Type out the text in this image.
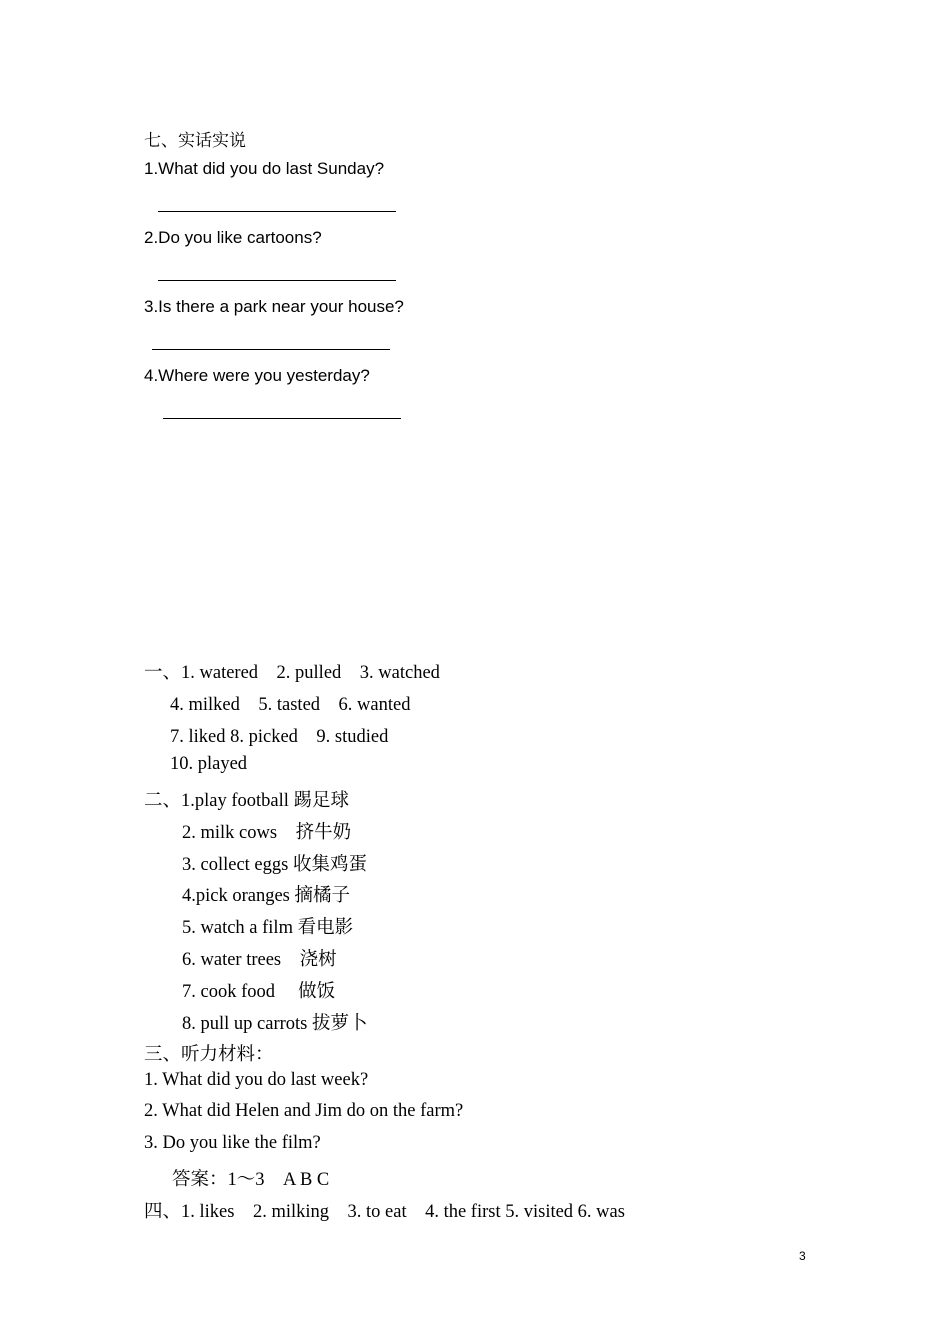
七、实话实说
1.What did you do last Sunday?
2.Do you like cartoons?
3.Is there a park near your house?
4.Where were you yesterday?
一、1. watered　2. pulled　3. watched
4. milked　5. tasted　6. wanted
7. liked 8. picked　9. studied
10. played
二、1.play football 踢足球
2. milk cows　挤牛奶
3. collect eggs 收集鸡蛋
4.pick oranges 摘橘子
5. watch a film 看电影
6. water trees　浇树
7. cook food　 做饭
8. pull up carrots 拔萝卜
三、听力材料：
1. What did you do last week?
2. What did Helen and Jim do on the farm?
3. Do you like the film?
答案：1～3　A B C
四、1. likes　2. milking　3. to eat　4. the first 5. visited 6. was
3
